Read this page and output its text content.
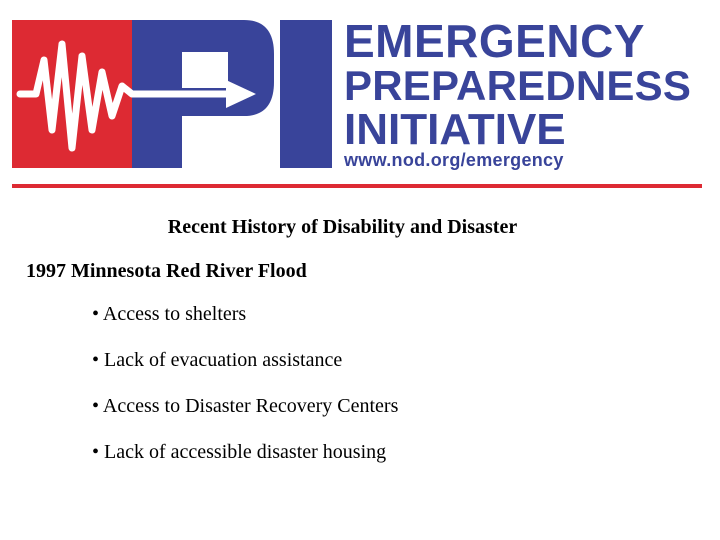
EMERGENCY

PREPAREDNESS

INITIATIVE

www.nod.org/emergency

Recent History of Disability and Disaster
1997 Minnesota Red River Flood
• Access to shelters
• Lack of evacuation assistance
• Access to Disaster Recovery Centers
• Lack of accessible disaster housing
